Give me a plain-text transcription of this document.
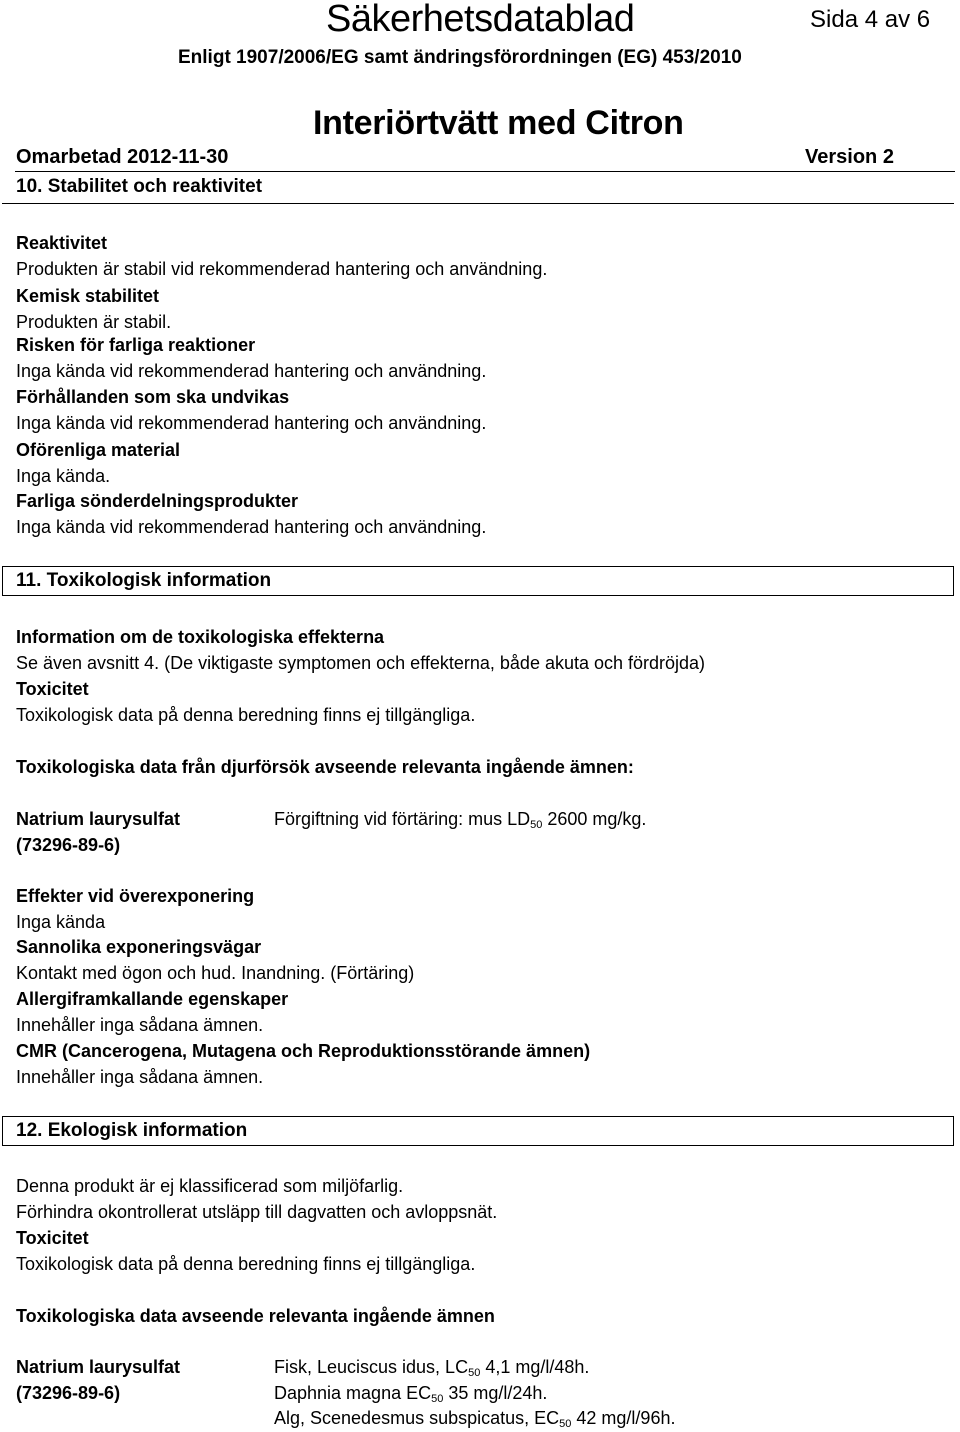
Säkerhetsdatablad	Sida 4 av 6
Enligt 1907/2006/EG samt ändringsförordningen (EG) 453/2010
Interiörtvätt med Citron
Omarbetad 2012-11-30	Version 2
10. Stabilitet och reaktivitet
Reaktivitet
Produkten är stabil vid rekommenderad hantering och användning.
Kemisk stabilitet
Produkten är stabil.
Risken för farliga reaktioner
Inga kända vid rekommenderad hantering och användning.
Förhållanden som ska undvikas
Inga kända vid rekommenderad hantering och användning.
Oförenliga material
Inga kända.
Farliga sönderdelningsprodukter
Inga kända vid rekommenderad hantering och användning.
11. Toxikologisk information
Information om de toxikologiska effekterna
Se även avsnitt 4. (De viktigaste symptomen och effekterna, både akuta och fördröjda)
Toxicitet
Toxikologisk data på denna beredning finns ej tillgängliga.
Toxikologiska data från djurförsök avseende relevanta ingående ämnen:
Natrium laurysulfat
(73296-89-6)
Förgiftning vid förtäring: mus $LD_{50}$ 2600 mg/kg.
Effekter vid överexponering
Inga kända
Sannolika exponeringsvägar
Kontakt med ögon och hud. Inandning. (Förtäring)
Allergiframkallande egenskaper
Innehåller inga sådana ämnen.
CMR (Cancerogena, Mutagena och Reproduktionsstörande ämnen)
Innehåller inga sådana ämnen.
12. Ekologisk information
Denna produkt är ej klassificerad som miljöfarlig.
Förhindra okontrollerat utsläpp till dagvatten och avloppsnät.
Toxicitet
Toxikologisk data på denna beredning finns ej tillgängliga.
Toxikologiska data avseende relevanta ingående ämnen
Natrium laurysulfat
(73296-89-6)
Fisk, Leuciscus idus, $LC_{50}$ 4,1 mg/l/48h.
Daphnia magna $EC_{50}$ 35 mg/l/24h.
Alg, Scenedesmus subspicatus, $EC_{50}$ 42 mg/l/96h.
